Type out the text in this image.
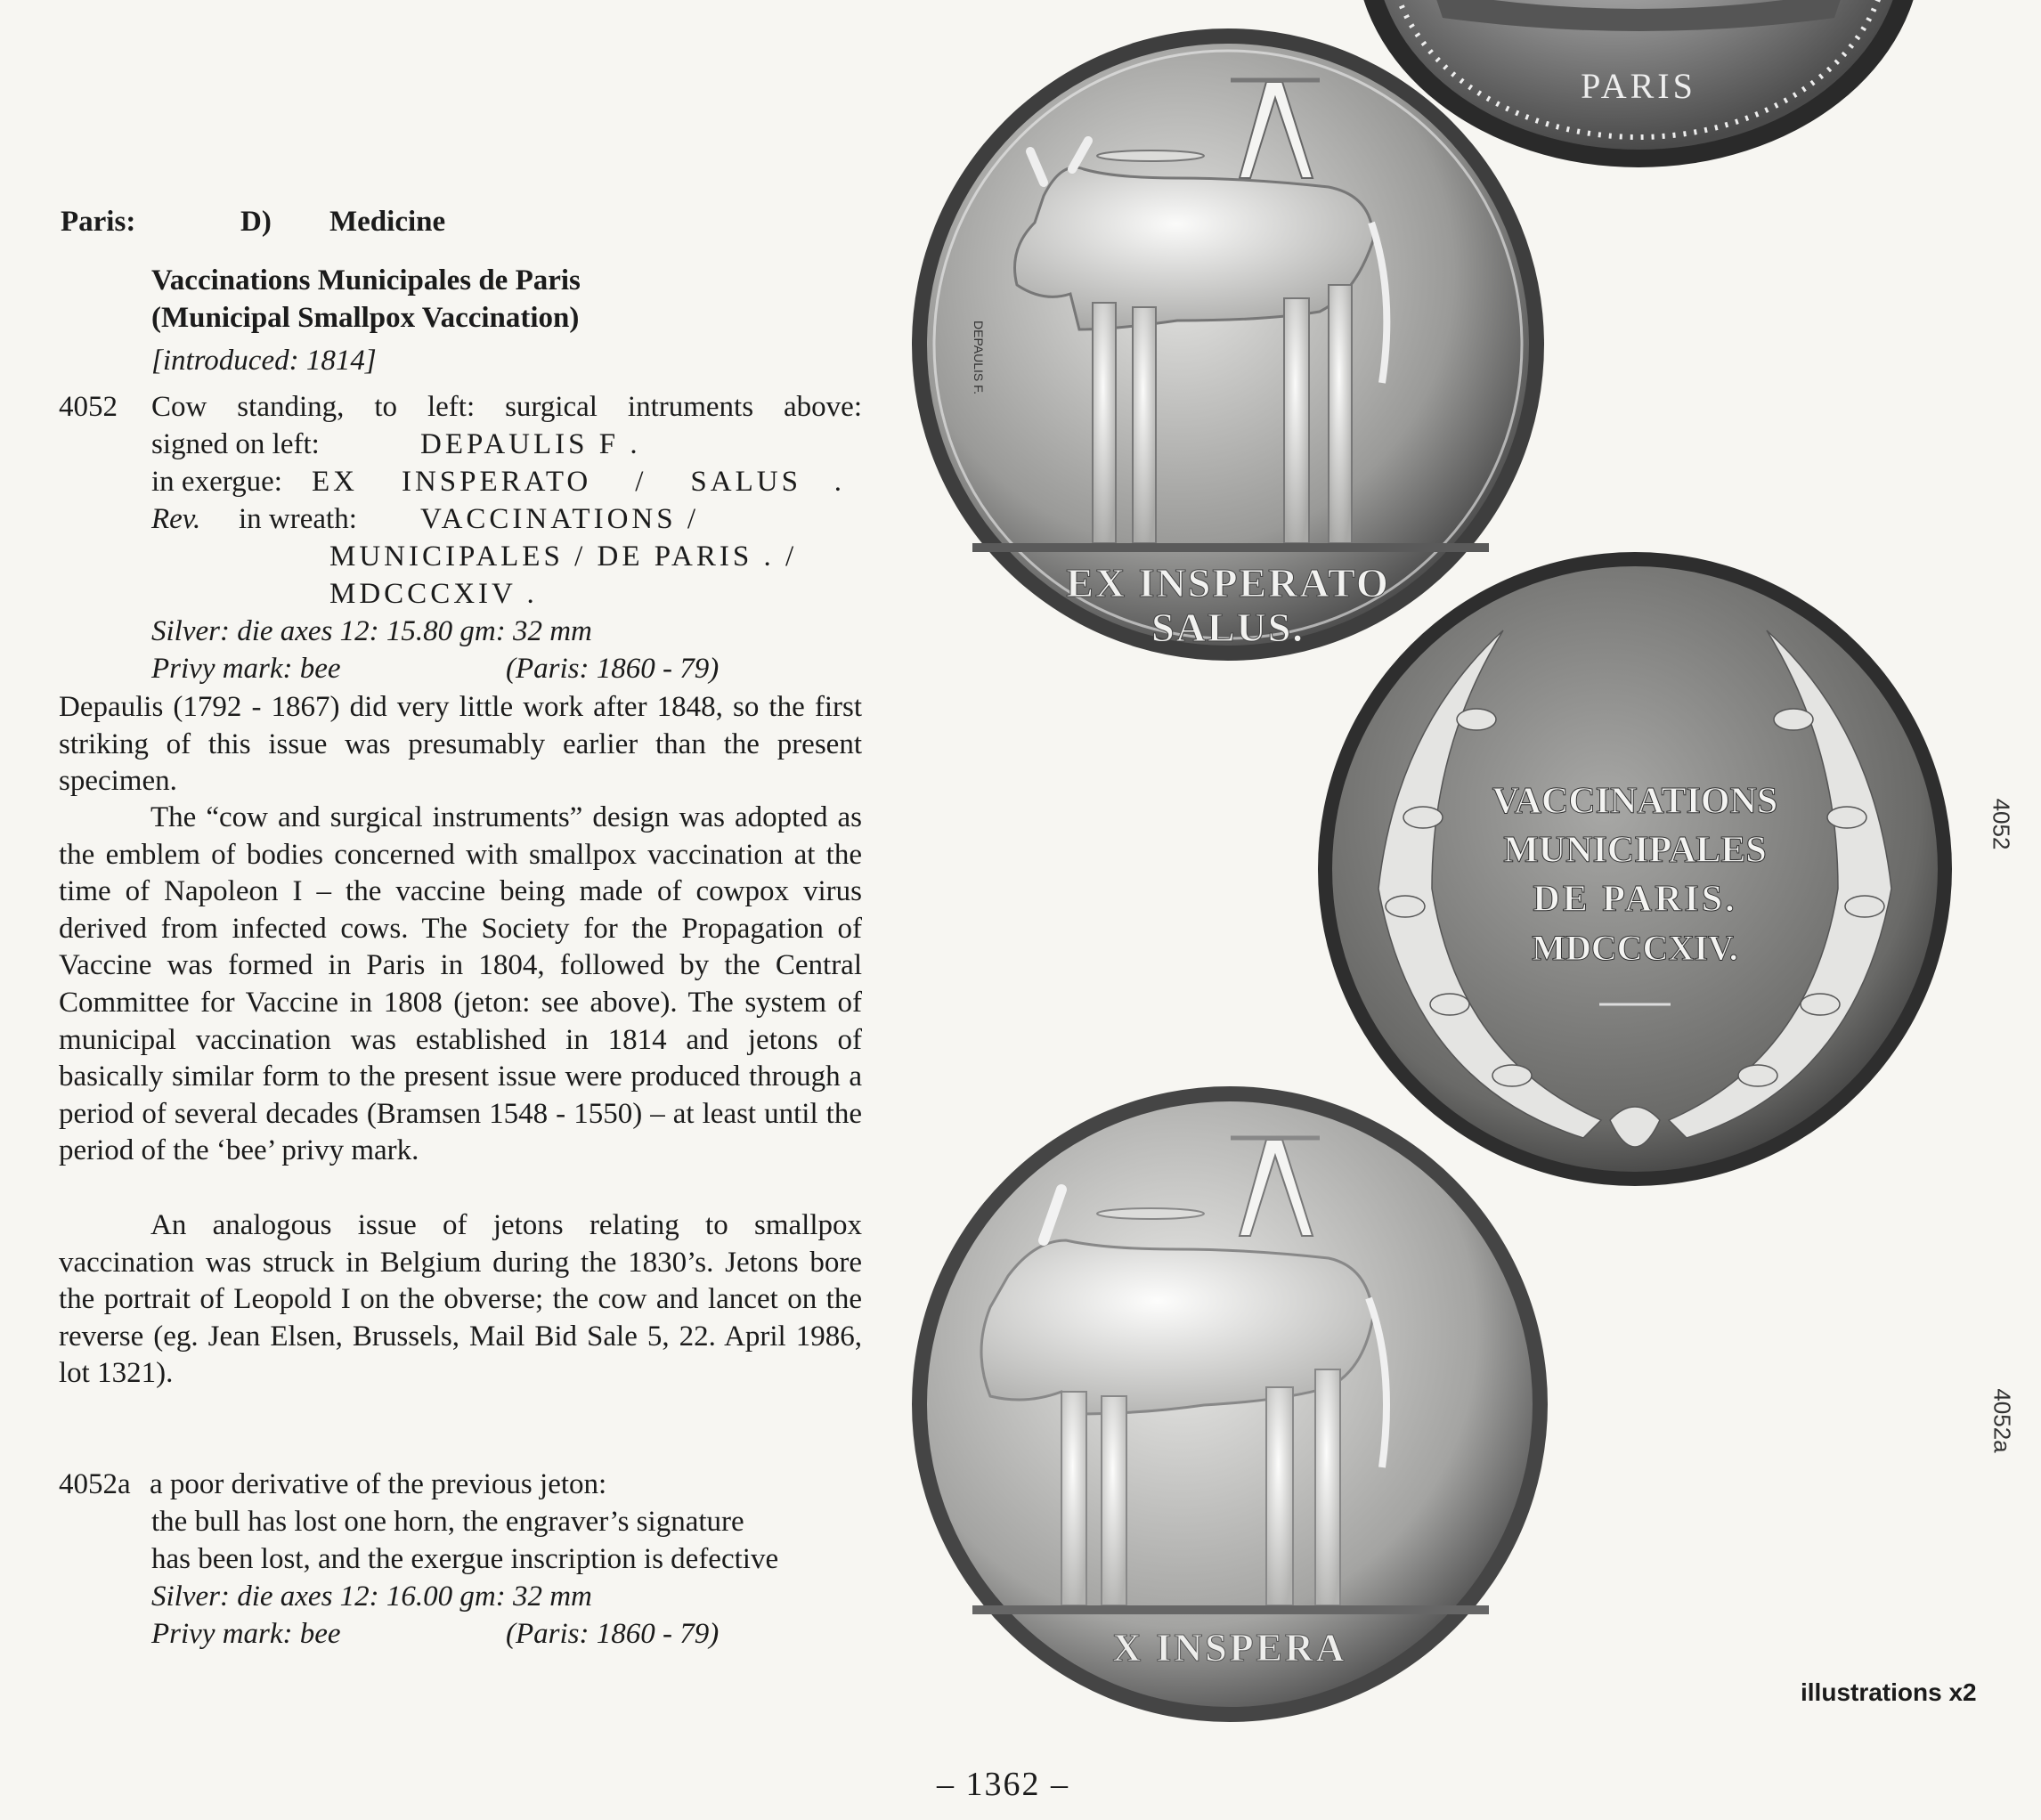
Paris:	D) Medicine
Vaccinations Municipales de Paris
(Municipal Smallpox Vaccination)
[introduced: 1814]
4052 Cow standing, to left: surgical intruments above:
signed on left:	DEPAULIS F .
in exergue: EX    INSPERATO    /    SALUS   .
Rev. in wreath: VACCINATIONS /
MUNICIPALES / DE PARIS . /
MDCCCXIV .
Silver: die axes 12: 15.80 gm: 32 mm
Privy mark: bee	(Paris: 1860 - 79)
Depaulis (1792 - 1867) did very little work after 1848, so the first striking of this issue was presumably earlier than the present specimen.
The “cow and surgical instruments” design was adopted as the emblem of bodies concerned with smallpox vaccination at the time of Napoleon I – the vaccine being made of cowpox virus derived from infected cows. The Society for the Propagation of Vaccine was formed in Paris in 1804, followed by the Central Committee for Vaccine in 1808 (jeton: see above). The system of municipal vaccination was established in 1814 and jetons of basically similar form to the present issue were produced through a period of several decades (Bramsen 1548 - 1550) – at least until the period of the ‘bee’ privy mark.
An analogous issue of jetons relating to smallpox vaccination was struck in Belgium during the 1830’s. Jetons bore the portrait of Leopold I on the obverse; the cow and lancet on the reverse (eg. Jean Elsen, Brussels, Mail Bid Sale 5, 22. April 1986, lot 1321).
4052a a poor derivative of the previous jeton:
the bull has lost one horn, the engraver’s signature
has been lost, and the exergue inscription is defective
Silver: die axes 12: 16.00 gm: 32 mm
Privy mark: bee	(Paris: 1860 - 79)
PARIS
DEPAULIS F.
EX INSPERATO
SALUS.
VACCINATIONS
MUNICIPALES
DE PARIS.
MDCCCXIV.
X INSPERA
4052
4052a
illustrations x2
– 1362 –
